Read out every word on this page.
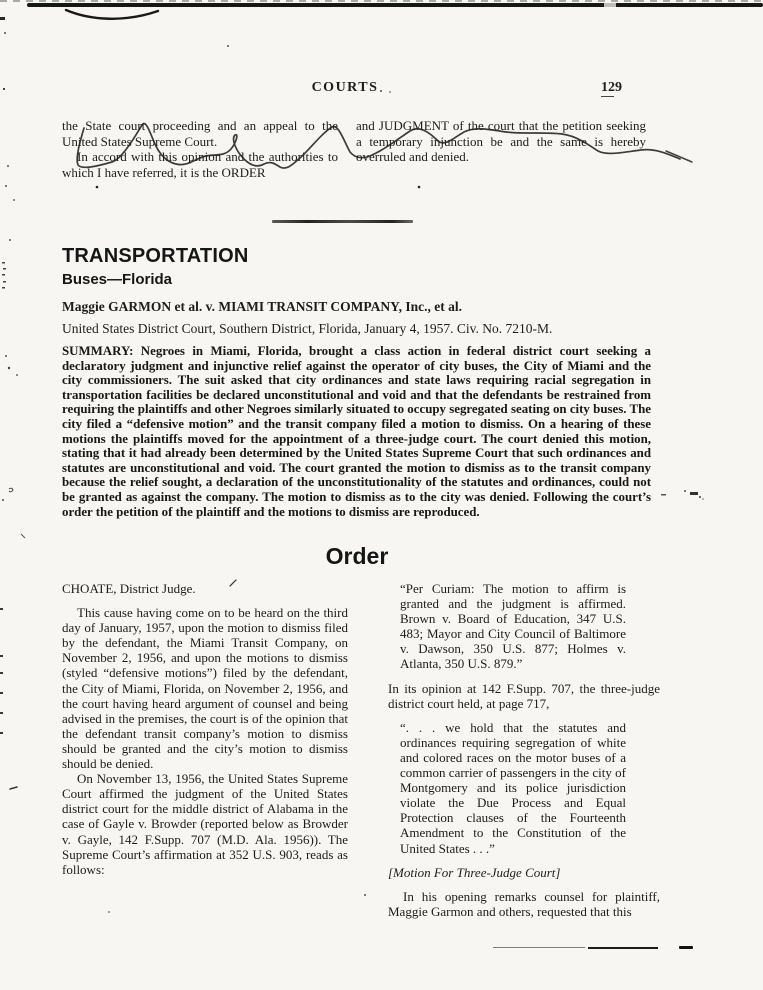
COURTS	129

the State court proceeding and an appeal to the United States Supreme Court.

In accord with this opinion and the authorities to which I have referred, it is the ORDER

and JUDGMENT of the court that the petition seeking a temporary injunction be and the same is hereby overruled and denied.

TRANSPORTATION
Buses—Florida
Maggie GARMON et al. v. MIAMI TRANSIT COMPANY, Inc., et al.
United States District Court, Southern District, Florida, January 4, 1957. Civ. No. 7210-M.
SUMMARY: Negroes in Miami, Florida, brought a class action in federal district court seeking a declaratory judgment and injunctive relief against the operator of city buses, the City of Miami and the city commissioners. The suit asked that city ordinances and state laws requiring racial segregation in transportation facilities be declared unconstitutional and void and that the defendants be restrained from requiring the plaintiffs and other Negroes similarly situated to occupy segregated seating on city buses. The city filed a “defensive motion” and the transit company filed a motion to dismiss. On a hearing of these motions the plaintiffs moved for the appointment of a three-judge court. The court denied this motion, stating that it had already been determined by the United States Supreme Court that such ordinances and statutes are unconstitutional and void. The court granted the motion to dismiss as to the transit company because the relief sought, a declaration of the unconstitutionality of the statutes and ordinances, could not be granted as against the company. The motion to dismiss as to the city was denied. Following the court’s order the petition of the plaintiff and the motions to dismiss are reproduced.
Order

CHOATE, District Judge.

This cause having come on to be heard on the third day of January, 1957, upon the motion to dismiss filed by the defendant, the Miami Transit Company, on November 2, 1956, and upon the motions to dismiss (styled “defensive motions”) filed by the defendant, the City of Miami, Florida, on November 2, 1956, and the court having heard argument of counsel and being advised in the premises, the court is of the opinion that the defendant transit company’s motion to dismiss should be granted and the city’s motion to dismiss should be denied.

On November 13, 1956, the United States Supreme Court affirmed the judgment of the United States district court for the middle district of Alabama in the case of Gayle v. Browder (reported below as Browder v. Gayle, 142 F.Supp. 707 (M.D. Ala. 1956)). The Supreme Court’s affirmation at 352 U.S. 903, reads as follows:

“Per Curiam: The motion to affirm is granted and the judgment is affirmed. Brown v. Board of Education, 347 U.S. 483; Mayor and City Council of Baltimore v. Dawson, 350 U.S. 877; Holmes v. Atlanta, 350 U.S. 879.”

In its opinion at 142 F.Supp. 707, the three-judge district court held, at page 717,

“. . . we hold that the statutes and ordinances requiring segregation of white and colored races on the motor buses of a common carrier of passengers in the city of Montgomery and its police jurisdiction violate the Due Process and Equal Protection clauses of the Fourteenth Amendment to the Constitution of the United States . . .”

[Motion For Three-Judge Court]

In his opening remarks counsel for plaintiff, Maggie Garmon and others, requested that this
